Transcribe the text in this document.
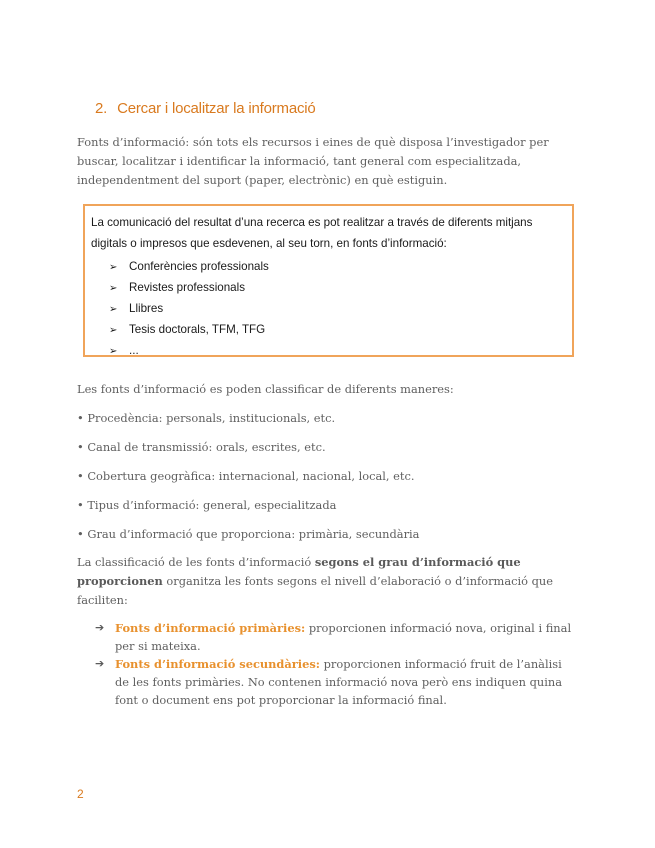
2. Cercar i localitzar la informació

Fonts d’informació: són tots els recursos i eines de què disposa l’investigador per buscar, localitzar i identificar la informació, tant general com especialitzada, independentment del suport (paper, electrònic) en què estiguin.

La comunicació del resultat d’una recerca es pot realitzar a través de diferents mitjans digitals o impresos que esdevenen, al seu torn, en fonts d’informació:

➢ Conferències professionals
➢ Revistes professionals
➢ Llibres
➢ Tesis doctorals, TFM, TFG
➢ ...
Les fonts d’informació es poden classificar de diferents maneres:
• Procedència: personals, institucionals, etc.
• Canal de transmissió: orals, escrites, etc.
• Cobertura geogràfica: internacional, nacional, local, etc.
• Tipus d’informació: general, especialitzada
• Grau d’informació que proporciona: primària, secundària

La classificació de les fonts d’informació segons el grau d’informació que proporcionen organitza les fonts segons el nivell d’elaboració o d’informació que faciliten:

➔ Fonts d’informació primàries: proporcionen informació nova, original i final per si mateixa.
➔ Fonts d’informació secundàries: proporcionen informació fruit de l’anàlisi de les fonts primàries. No contenen informació nova però ens indiquen quina font o document ens pot proporcionar la informació final.
2
